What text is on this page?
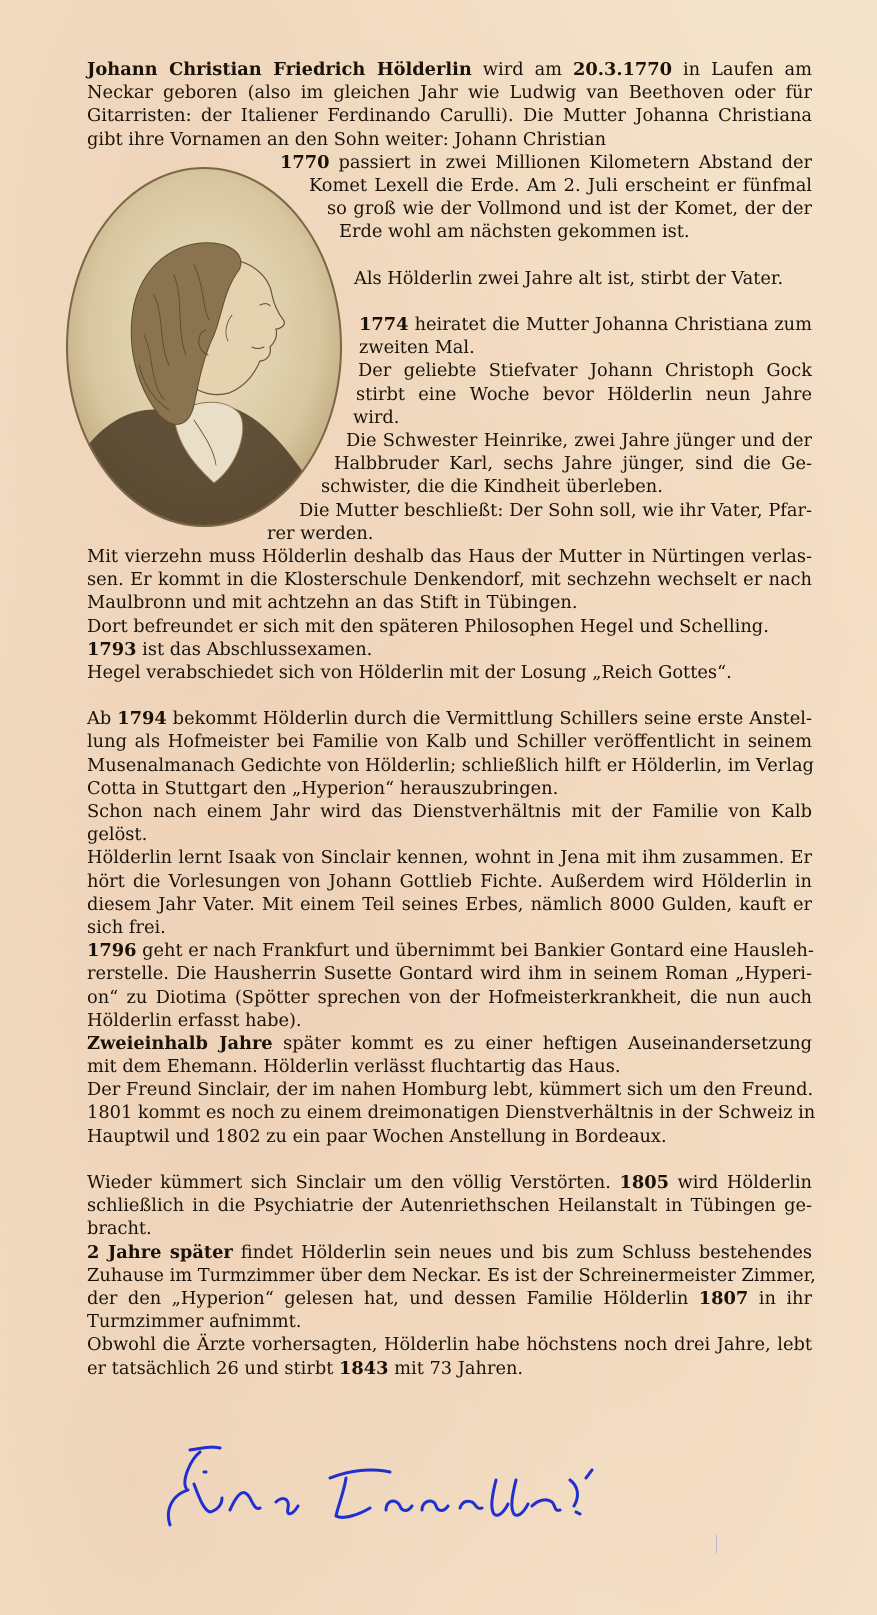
Johann Christian Friedrich Hölderlin wird am 20.3.1770 in Laufen am
Neckar geboren (also im gleichen Jahr wie Ludwig van Beethoven oder für
Gitarristen: der Italiener Ferdinando Carulli). Die Mutter Johanna Christiana
gibt ihre Vornamen an den Sohn weiter: Johann Christian
1770 passiert in zwei Millionen Kilometern Abstand der
Komet Lexell die Erde. Am 2. Juli erscheint er fünfmal
so groß wie der Vollmond und ist der Komet, der der
Erde wohl am nächsten gekommen ist.
Als Hölderlin zwei Jahre alt ist, stirbt der Vater.
1774 heiratet die Mutter Johanna Christiana zum
zweiten Mal.
Der geliebte Stiefvater Johann Christoph Gock
stirbt eine Woche bevor Hölderlin neun Jahre
wird.
Die Schwester Heinrike, zwei Jahre jünger und der
Halbbruder Karl, sechs Jahre jünger, sind die Ge-
schwister, die die Kindheit überleben.
Die Mutter beschließt: Der Sohn soll, wie ihr Vater, Pfar-
rer werden.
Mit vierzehn muss Hölderlin deshalb das Haus der Mutter in Nürtingen verlas-
sen. Er kommt in die Klosterschule Denkendorf, mit sechzehn wechselt er nach
Maulbronn und mit achtzehn an das Stift in Tübingen.
Dort befreundet er sich mit den späteren Philosophen Hegel und Schelling.
1793 ist das Abschlussexamen.
Hegel verabschiedet sich von Hölderlin mit der Losung „Reich Gottes“.
Ab 1794 bekommt Hölderlin durch die Vermittlung Schillers seine erste Anstel-
lung als Hofmeister bei Familie von Kalb und Schiller veröffentlicht in seinem
Musenalmanach Gedichte von Hölderlin; schließlich hilft er Hölderlin, im Verlag
Cotta in Stuttgart den „Hyperion“ herauszubringen.
Schon nach einem Jahr wird das Dienstverhältnis mit der Familie von Kalb
gelöst.
Hölderlin lernt Isaak von Sinclair kennen, wohnt in Jena mit ihm zusammen. Er
hört die Vorlesungen von Johann Gottlieb Fichte. Außerdem wird Hölderlin in
diesem Jahr Vater. Mit einem Teil seines Erbes, nämlich 8000 Gulden, kauft er
sich frei.
1796 geht er nach Frankfurt und übernimmt bei Bankier Gontard eine Hausleh-
rerstelle. Die Hausherrin Susette Gontard wird ihm in seinem Roman „Hyperi-
on“ zu Diotima (Spötter sprechen von der Hofmeisterkrankheit, die nun auch
Hölderlin erfasst habe).
Zweieinhalb Jahre später kommt es zu einer heftigen Auseinandersetzung
mit dem Ehemann. Hölderlin verlässt fluchtartig das Haus.
Der Freund Sinclair, der im nahen Homburg lebt, kümmert sich um den Freund.
1801 kommt es noch zu einem dreimonatigen Dienstverhältnis in der Schweiz in
Hauptwil und 1802 zu ein paar Wochen Anstellung in Bordeaux.
Wieder kümmert sich Sinclair um den völlig Verstörten. 1805 wird Hölderlin
schließlich in die Psychiatrie der Autenriethschen Heilanstalt in Tübingen ge-
bracht.
2 Jahre später findet Hölderlin sein neues und bis zum Schluss bestehendes
Zuhause im Turmzimmer über dem Neckar. Es ist der Schreinermeister Zimmer,
der den „Hyperion“ gelesen hat, und dessen Familie Hölderlin 1807 in ihr
Turmzimmer aufnimmt.
Obwohl die Ärzte vorhersagten, Hölderlin habe höchstens noch drei Jahre, lebt
er tatsächlich 26 und stirbt 1843 mit 73 Jahren.
